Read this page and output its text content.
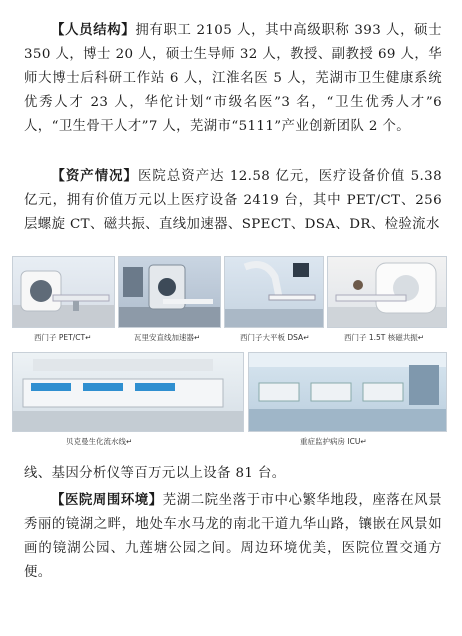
【人员结构】拥有职工 2105 人，其中高级职称 393 人，硕士 350 人，博士 20 人，硕士生导师 32 人，教授、副教授 69 人，华师大博士后科研工作站 6 人，江淮名医 5 人，芜湖市卫生健康系统优秀人才 23 人，华佗计划“市级名医”3 名，“卫生优秀人才”6 人，“卫生骨干人才”7 人，芜湖市“5111”产业创新团队 2 个。

【资产情况】医院总资产达 12.58 亿元，医疗设备价值 5.38 亿元，拥有价值万元以上医疗设备 2419 台，其中 PET/CT、256 层螺旋 CT、磁共振、直线加速器、SPECT、DSA、DR、检验流水

西门子 PET/CT↵	瓦里安直线加速器↵	西门子大平板 DSA↵	西门子 1.5T 核磁共振↵
贝克曼生化流水线↵	重症监护病房 ICU↵

线、基因分析仪等百万元以上设备 81 台。

【医院周围环境】芜湖二院坐落于市中心繁华地段，座落在风景秀丽的镜湖之畔，地处车水马龙的南北干道九华山路，镶嵌在风景如画的镜湖公园、九莲塘公园之间。周边环境优美，医院位置交通方便。
